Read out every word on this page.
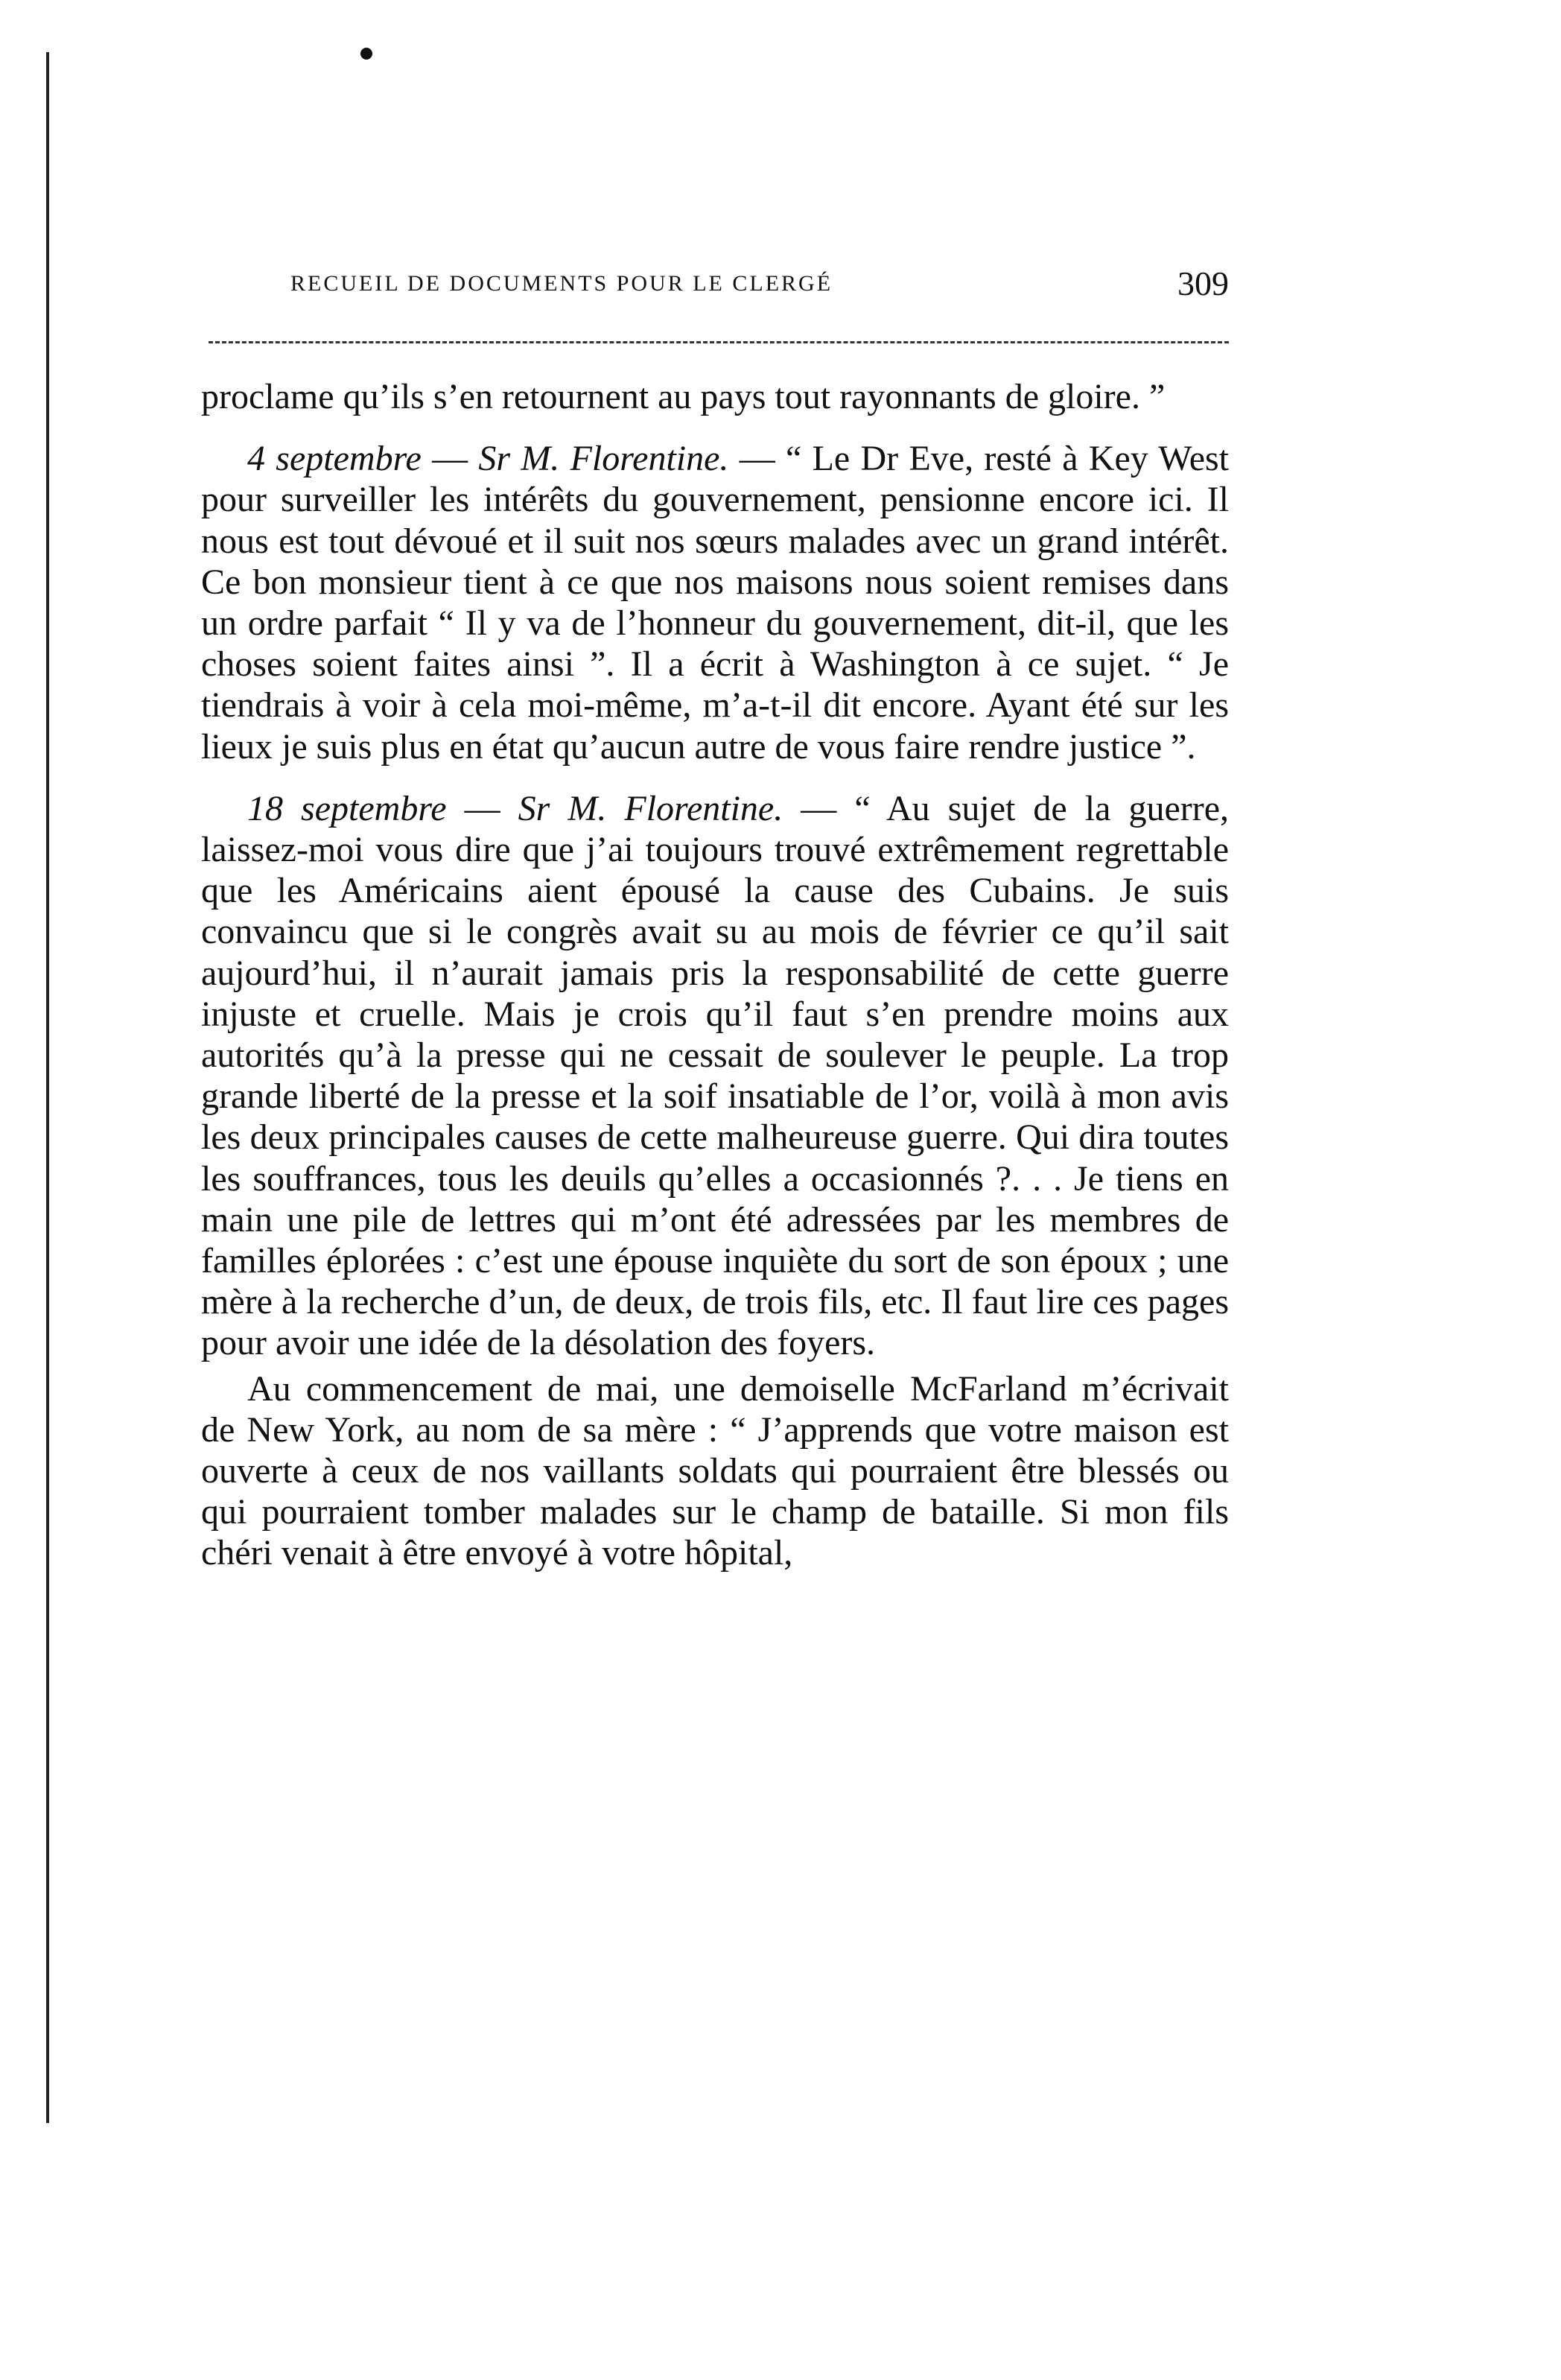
RECUEIL DE DOCUMENTS POUR LE CLERGÉ	309

proclame qu’ils s’en retournent au pays tout rayonnants de gloire. ”

4 septembre — Sr M. Florentine. — “ Le Dr Eve, resté à Key West pour surveiller les intérêts du gouvernement, pensionne encore ici. Il nous est tout dévoué et il suit nos sœurs malades avec un grand intérêt. Ce bon monsieur tient à ce que nos maisons nous soient remises dans un ordre parfait “ Il y va de l’honneur du gouvernement, dit-il, que les choses soient faites ainsi ”. Il a écrit à Washington à ce sujet. “ Je tiendrais à voir à cela moi-même, m’a-t-il dit encore. Ayant été sur les lieux je suis plus en état qu’aucun autre de vous faire rendre justice ”.

18 septembre — Sr M. Florentine. — “ Au sujet de la guerre, laissez-moi vous dire que j’ai toujours trouvé extrêmement regrettable que les Américains aient épousé la cause des Cubains. Je suis convaincu que si le congrès avait su au mois de février ce qu’il sait aujourd’hui, il n’aurait jamais pris la responsabilité de cette guerre injuste et cruelle. Mais je crois qu’il faut s’en prendre moins aux autorités qu’à la presse qui ne cessait de soulever le peuple. La trop grande liberté de la presse et la soif insatiable de l’or, voilà à mon avis les deux principales causes de cette malheureuse guerre. Qui dira toutes les souffrances, tous les deuils qu’elles a occasionnés ?. . . Je tiens en main une pile de lettres qui m’ont été adressées par les membres de familles éplorées : c’est une épouse inquiète du sort de son époux ; une mère à la recherche d’un, de deux, de trois fils, etc. Il faut lire ces pages pour avoir une idée de la désolation des foyers.

Au commencement de mai, une demoiselle McFarland m’écrivait de New York, au nom de sa mère : “ J’apprends que votre maison est ouverte à ceux de nos vaillants soldats qui pourraient être blessés ou qui pourraient tomber malades sur le champ de bataille. Si mon fils chéri venait à être envoyé à votre hôpital,
